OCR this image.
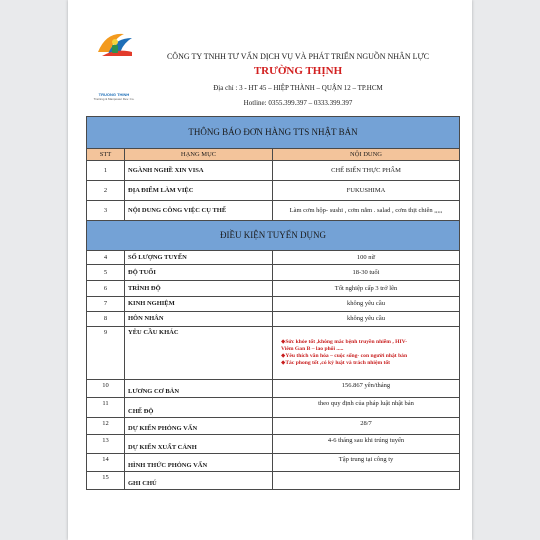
TRUONG THINH
Training & Manpower Dev. Co.
CÔNG TY TNHH TƯ VẤN DỊCH VỤ VÀ PHÁT TRIỂN NGUỒN NHÂN LỰC
TRƯỜNG THỊNH
Địa chỉ : 3 - HT 45 – HIỆP THÀNH – QUẬN 12 – TP.HCM
Hotline: 0355.399.397 – 0333.399.397
THÔNG BÁO ĐƠN HÀNG TTS NHẬT BẢN		
STT	HẠNG MỤC	NỘI DUNG
1	NGÀNH NGHỀ XIN VISA	CHẾ BIẾN THỰC PHẨM
2	ĐỊA ĐIỂM LÀM VIỆC	FUKUSHIMA
3	NỘI DUNG CÔNG VIỆC CỤ THỂ	Làm cơm hộp- sushi , cơm nắm . salad , cơm thịt chiên ,,,,,
ĐIỀU KIỆN TUYỂN DỤNG		
4	SỐ LƯỢNG TUYỂN	100 nữ
5	ĐỘ TUỔI	18-30 tuổi
6	TRÌNH ĐỘ	Tốt nghiệp cấp 3 trở lên
7	KINH NGHIỆM	không yêu cầu
8	HÔN NHÂN	không yêu cầu
9	YÊU CẦU KHÁC	◆Sức khỏe tốt ,không mắc bệnh truyền nhiễm , HIV-
Viêm Gan B – lao phổi .....
◆Yêu thích văn hóa – cuộc sống- con người nhật bản
◆Tác phong tốt ,có kỷ luật và trách nhiệm tốt

10	LƯƠNG CƠ BẢN	156.867 yên/tháng
11	CHẾ ĐỘ	theo quy định của pháp luật nhật bản
12	DỰ KIẾN PHỎNG VẤN	28/7
13	DỰ KIẾN XUẤT CẢNH	4-6 tháng sau khi trúng tuyển
14	HÌNH THỨC PHỎNG VẤN	Tập trung tại công ty
15	GHI CHÚ	
